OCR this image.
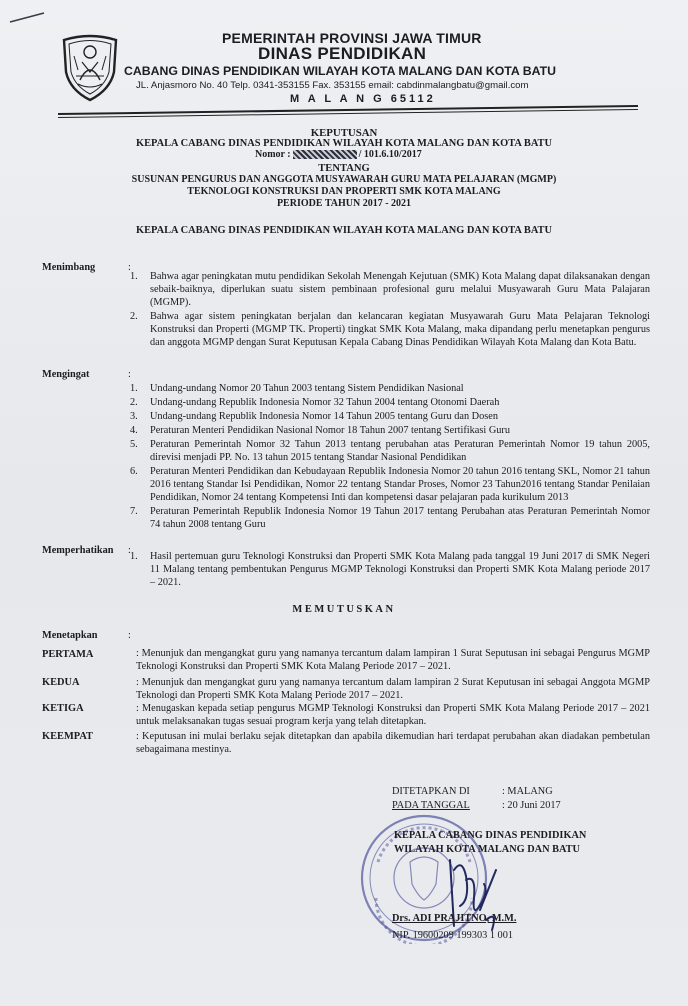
PEMERINTAH PROVINSI JAWA TIMUR
DINAS PENDIDIKAN
CABANG DINAS PENDIDIKAN WILAYAH KOTA MALANG DAN KOTA BATU
JL. Anjasmoro No. 40 Telp. 0341-353155 Fax. 353155 email: cabdinmalangbatu@gmail.com
M A L A N G 65112
KEPUTUSAN
KEPALA CABANG DINAS PENDIDIKAN WILAYAH KOTA MALANG DAN KOTA BATU
Nomor :	/ 101.6.10/2017
TENTANG
SUSUNAN PENGURUS DAN ANGGOTA MUSYAWARAH GURU MATA PELAJARAN (MGMP)
TEKNOLOGI KONSTRUKSI DAN PROPERTI SMK KOTA MALANG
PERIODE TAHUN 2017 - 2021
KEPALA CABANG DINAS PENDIDIKAN WILAYAH KOTA MALANG DAN KOTA BATU
Menimbang	:
1. Bahwa agar peningkatan mutu pendidikan Sekolah Menengah Kejutuan (SMK) Kota Malang dapat dilaksanakan dengan sebaik-baiknya, diperlukan suatu sistem pembinaan profesional guru melalui Musyawarah Guru Mata Palajaran (MGMP).
2. Bahwa agar sistem peningkatan berjalan dan kelancaran kegiatan Musyawarah Guru Mata Pelajaran Teknologi Konstruksi dan Properti (MGMP TK. Properti) tingkat SMK Kota Malang, maka dipandang perlu menetapkan pengurus dan anggota MGMP dengan Surat Keputusan Kepala Cabang Dinas Pendidikan Wilayah Kota Malang dan Kota Batu.
Mengingat	:
1. Undang-undang Nomor 20 Tahun 2003 tentang Sistem Pendidikan Nasional
2. Undang-undang Republik Indonesia Nomor 32 Tahun 2004 tentang Otonomi Daerah
3. Undang-undang Republik Indonesia Nomor 14 Tahun 2005 tentang Guru dan Dosen
4. Peraturan Menteri Pendidikan Nasional Nomor 18 Tahun 2007 tentang Sertifikasi Guru
5. Peraturan Pemerintah Nomor 32 Tahun 2013 tentang perubahan atas Peraturan Pemerintah Nomor 19 tahun 2005, direvisi menjadi PP. No. 13 tahun 2015 tentang Standar Nasional Pendidikan
6. Peraturan Menteri Pendidikan dan Kebudayaan Republik Indonesia Nomor 20 tahun 2016 tentang SKL, Nomor 21 tahun 2016 tentang Standar Isi Pendidikan, Nomor 22 tentang Standar Proses, Nomor 23 Tahun2016 tentang Standar Penilaian Pendidikan, Nomor 24 tentang Kompetensi Inti dan kompetensi dasar pelajaran pada kurikulum 2013
7. Peraturan Pemerintah Republik Indonesia Nomor 19 Tahun 2017 tentang Perubahan atas Peraturan Pemerintah Nomor 74 tahun 2008 tentang Guru
Memperhatikan :
1. Hasil pertemuan guru Teknologi Konstruksi dan Properti SMK Kota Malang pada tanggal 19 Juni 2017 di SMK Negeri 11 Malang tentang pembentukan Pengurus MGMP Teknologi Konstruksi dan Properti SMK Kota Malang periode 2017 – 2021.
MEMUTUSKAN
Menetapkan	:
PERTAMA	: Menunjuk dan mengangkat guru yang namanya tercantum dalam lampiran 1 Surat Seputusan ini sebagai Pengurus MGMP Teknologi Konstruksi dan Properti SMK Kota Malang Periode 2017 – 2021.
KEDUA	: Menunjuk dan mengangkat guru yang namanya tercantum dalam lampiran 2 Surat Keputusan ini sebagai Anggota MGMP Teknologi dan Properti SMK Kota Malang Periode 2017 – 2021.
KETIGA	: Menugaskan kepada setiap pengurus MGMP Teknologi Konstruksi dan Properti SMK Kota Malang Periode 2017 – 2021 untuk melaksanakan tugas sesuai program kerja yang telah ditetapkan.
KEEMPAT	: Keputusan ini mulai berlaku sejak ditetapkan dan apabila dikemudian hari terdapat perubahan akan diadakan pembetulan sebagaimana mestinya.
DITETAPKAN DI	: MALANG
PADA TANGGAL	: 20 Juni 2017
KEPALA CABANG DINAS PENDIDIKAN
WILAYAH KOTA MALANG DAN BATU
Drs. ADI PRAJITNO, M.M.
NIP. 19600209 199303 1 001
